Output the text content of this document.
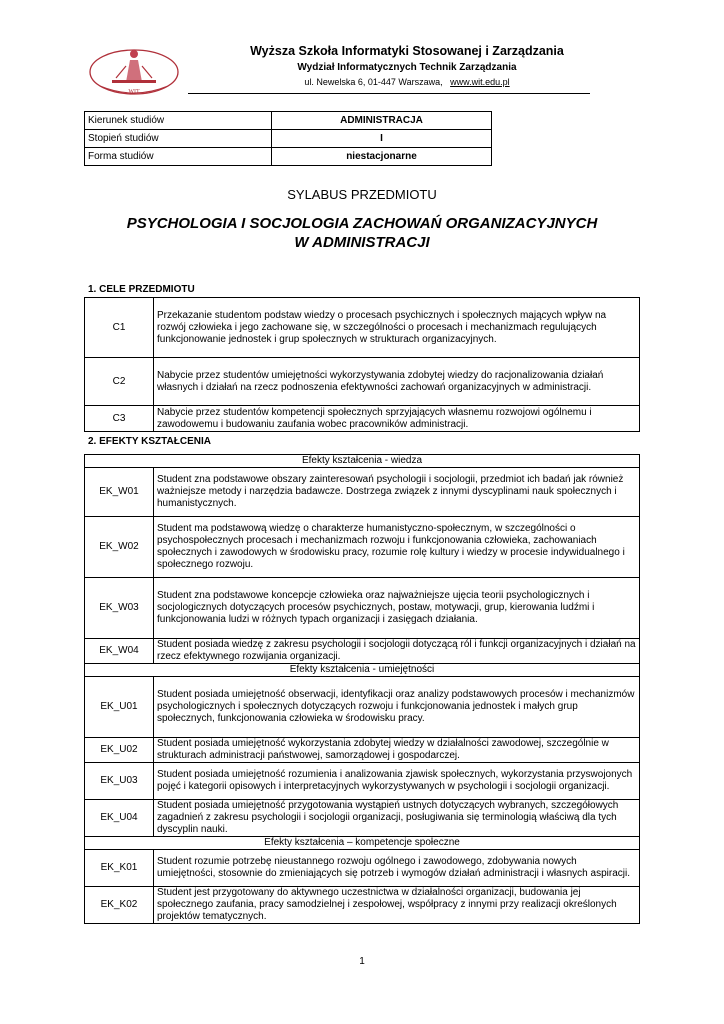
WIT
Wyższa Szkoła Informatyki Stosowanej i Zarządzania
Wydział Informatycznych Technik Zarządzania
ul. Newelska 6, 01-447 Warszawa, www.wit.edu.pl
Kierunek studiów	ADMINISTRACJA
Stopień studiów	I
Forma studiów	niestacjonarne
SYLABUS PRZEDMIOTU
PSYCHOLOGIA I SOCJOLOGIA ZACHOWAŃ ORGANIZACYJNYCH
W ADMINISTRACJI
1. CELE PRZEDMIOTU
C1	Przekazanie studentom podstaw wiedzy o procesach psychicznych i społecznych mających wpływ na rozwój człowieka i jego zachowane się, w szczególności o procesach i mechanizmach regulujących funkcjonowanie jednostek i grup społecznych w strukturach organizacyjnych.
C2	Nabycie przez studentów umiejętności wykorzystywania zdobytej wiedzy do racjonalizowania działań własnych i działań na rzecz podnoszenia efektywności zachowań organizacyjnych w administracji.
C3	Nabycie przez studentów kompetencji społecznych sprzyjających własnemu rozwojowi ogólnemu i zawodowemu i budowaniu zaufania wobec pracowników administracji.
2. EFEKTY KSZTAŁCENIA
Efekty kształcenia - wiedza	
EK_W01	Student zna podstawowe obszary zainteresowań psychologii i socjologii, przedmiot ich badań jak również ważniejsze metody i narzędzia badawcze. Dostrzega związek z innymi dyscyplinami nauk społecznych i humanistycznych.
EK_W02	Student ma podstawową wiedzę o charakterze humanistyczno-społecznym, w szczególności o psychospołecznych procesach i mechanizmach rozwoju i funkcjonowania człowieka, zachowaniach społecznych i zawodowych w środowisku pracy, rozumie rolę kultury i wiedzy w procesie indywidualnego i społecznego rozwoju.
EK_W03	Student zna podstawowe koncepcje człowieka oraz najważniejsze ujęcia teorii psychologicznych i socjologicznych dotyczących procesów psychicznych, postaw, motywacji, grup, kierowania ludźmi i funkcjonowania ludzi w różnych typach organizacji i zasięgach działania.
EK_W04	Student posiada wiedzę z zakresu psychologii i socjologii dotyczącą ról i funkcji organizacyjnych i działań na rzecz efektywnego rozwijania organizacji.
Efekty kształcenia - umiejętności	
EK_U01	Student posiada umiejętność obserwacji, identyfikacji oraz analizy podstawowych procesów i mechanizmów psychologicznych i społecznych dotyczących rozwoju i funkcjonowania jednostek i małych grup społecznych, funkcjonowania człowieka w środowisku pracy.
EK_U02	Student posiada umiejętność wykorzystania zdobytej wiedzy w działalności zawodowej, szczególnie w strukturach administracji państwowej, samorządowej i gospodarczej.
EK_U03	Student posiada umiejętność rozumienia i analizowania zjawisk społecznych, wykorzystania przyswojonych pojęć i kategorii opisowych i interpretacyjnych wykorzystywanych w psychologii i socjologii organizacji.
EK_U04	Student posiada umiejętność przygotowania wystąpień ustnych dotyczących wybranych, szczegółowych zagadnień z zakresu psychologii i socjologii organizacji, posługiwania się terminologią właściwą dla tych dyscyplin nauki.
Efekty kształcenia – kompetencje społeczne	
EK_K01	Student rozumie potrzebę nieustannego rozwoju ogólnego i zawodowego, zdobywania nowych umiejętności, stosownie do zmieniających się potrzeb i wymogów działań administracji i własnych aspiracji.
EK_K02	Student jest przygotowany do aktywnego uczestnictwa w działalności organizacji, budowania jej społecznego zaufania, pracy samodzielnej i zespołowej, współpracy z innymi przy realizacji określonych projektów tematycznych.
1
